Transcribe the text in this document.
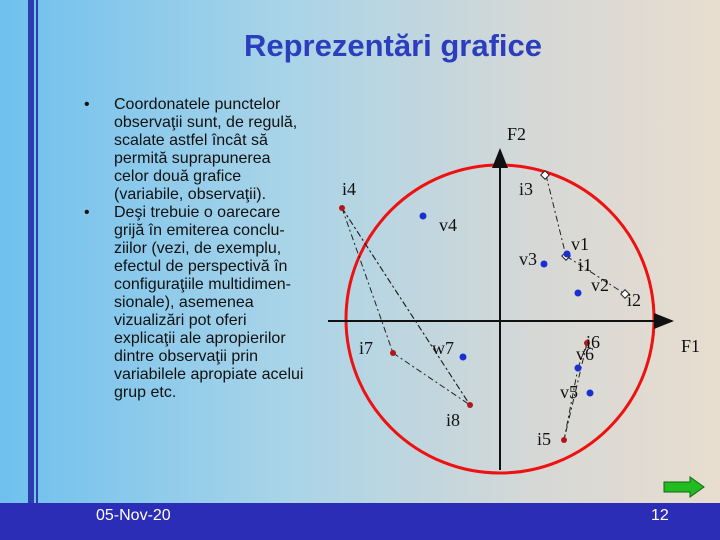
Reprezentări grafice
• Coordonatele punctelor
observaţii sunt, de regulă,
scalate astfel încât să
permită suprapunerea
celor două grafice
(variabile, observaţii).
• Deşi trebuie o oarecare
grijă în emiterea conclu-
ziilor (vezi, de exemplu,
efectul de perspectivă în
configuraţiile multidimen-
sionale), asemenea
vizualizări pot oferi
explicaţii ale apropierilor
dintre observaţii prin
variabilele apropiate acelui
grup etc.
F2
F1
i4	i3
v4
v3
v1
i1
v2
i2
i7	w7	i6
v6
v5
i8
i5
05-Nov-20	12
